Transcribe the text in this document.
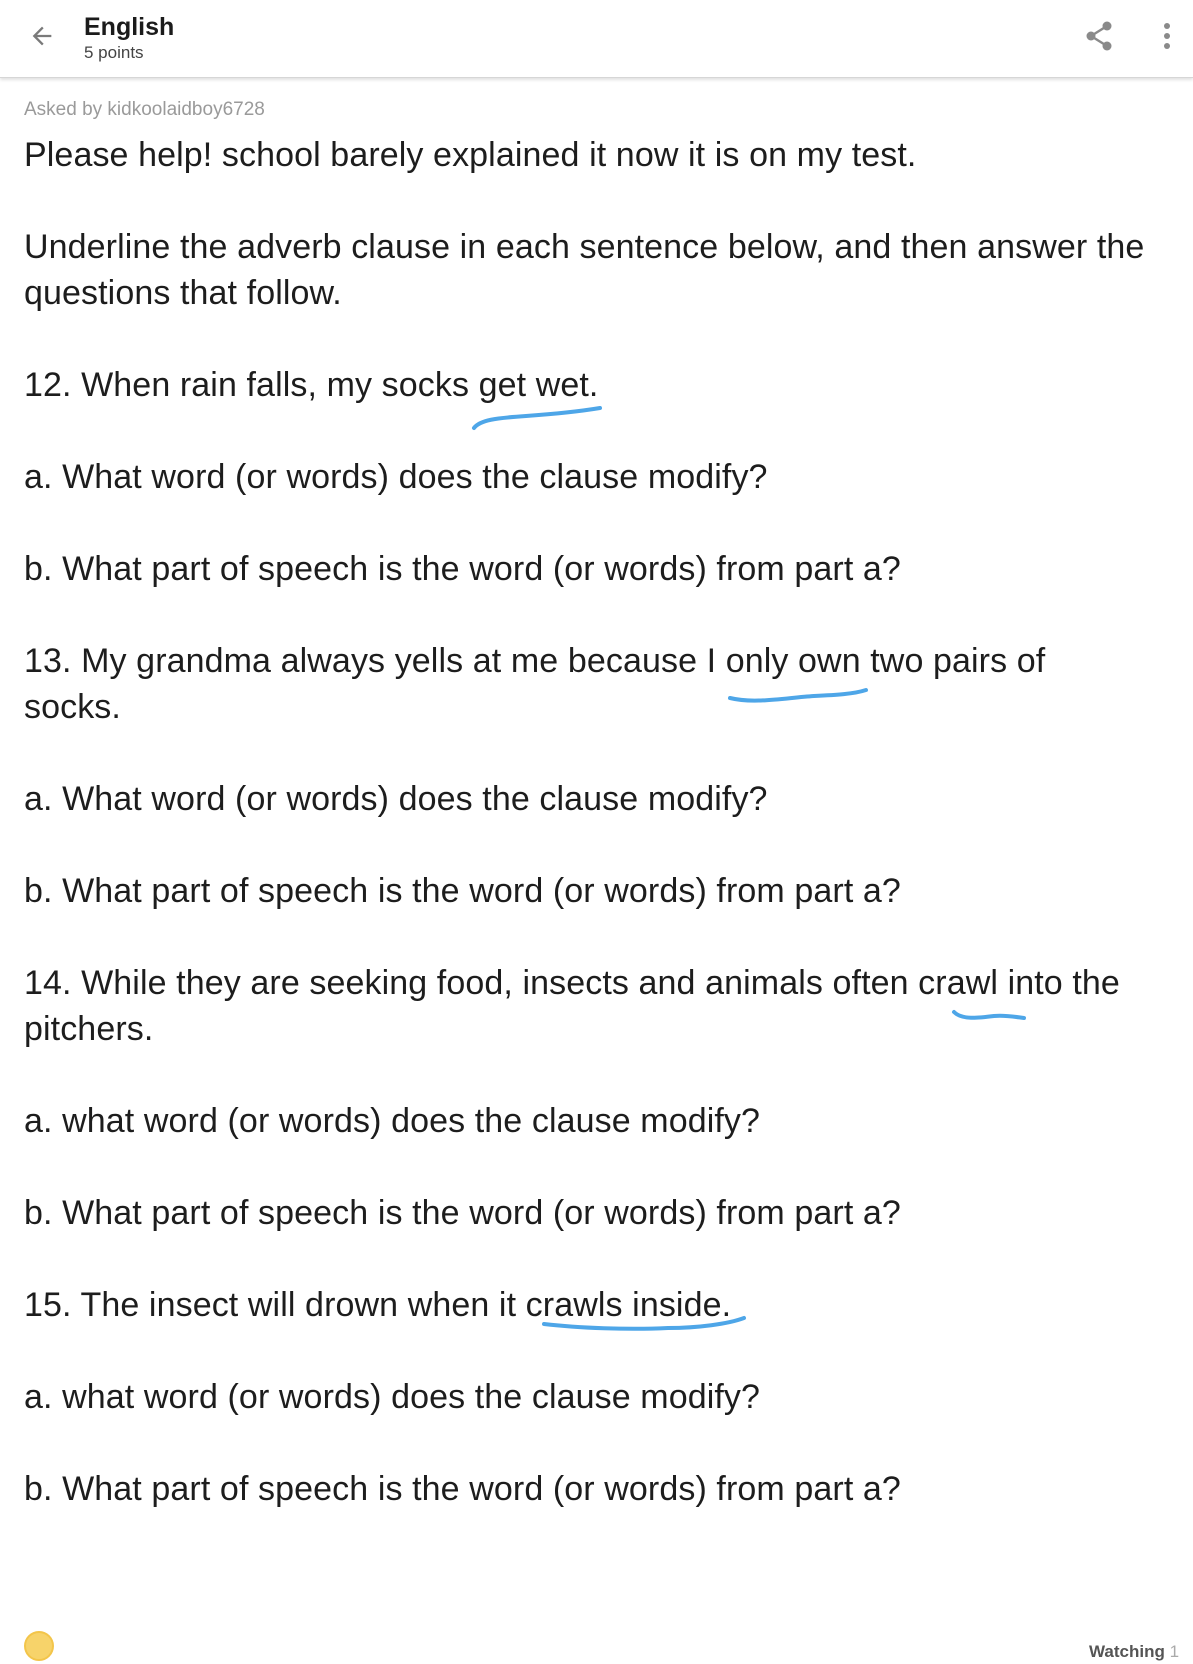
English
5 points
Asked by kidkoolaidboy6728
Please help! school barely explained it now it is on my test.
Underline the adverb clause in each sentence below, and then answer the questions that follow.
12. When rain falls, my socks get wet.
a. What word (or words) does the clause modify?
b. What part of speech is the word (or words) from part a?
13. My grandma always yells at me because I only own two pairs of socks.
a. What word (or words) does the clause modify?
b. What part of speech is the word (or words) from part a?
14. While they are seeking food, insects and animals often crawl into the pitchers.
a. what word (or words) does the clause modify?
b. What part of speech is the word (or words) from part a?
15. The insect will drown when it crawls inside.
a. what word (or words) does the clause modify?
b. What part of speech is the word (or words) from part a?
Watching 1
